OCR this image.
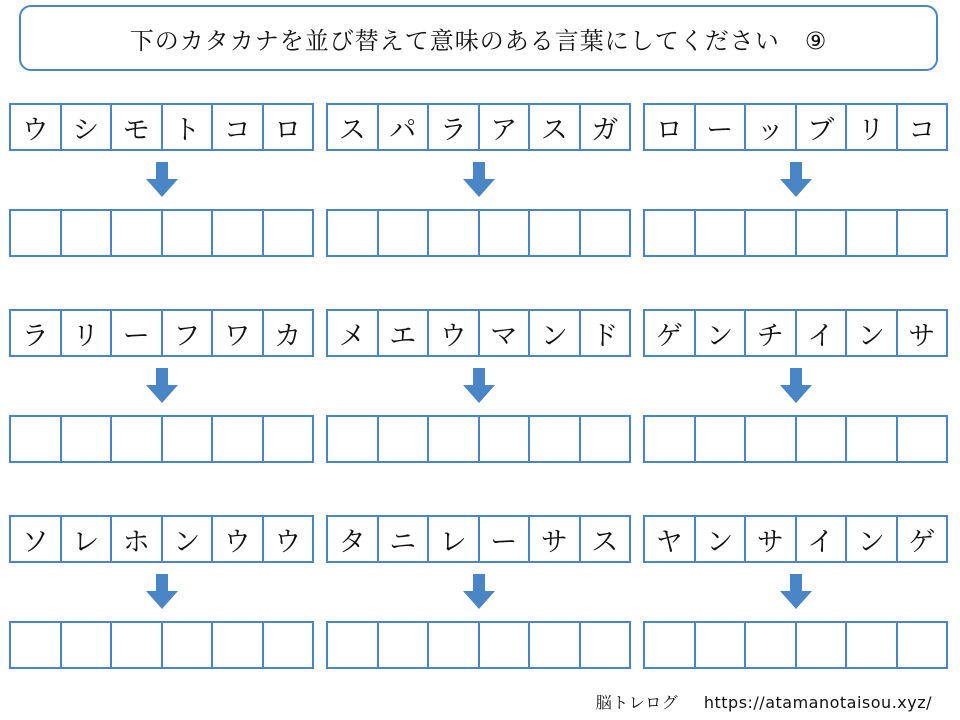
下のカタカナを並び替えて意味のある言葉にしてください　⑨
ウ シ モ ト コ ロ	ス パ ラ ア ス ガ	ロ ー ッ ブ リ コ
ラ リ ー フ ワ カ	メ エ ウ マ ン ド	ゲ ン チ イ ン サ
ソ レ ホ ン ウ ウ	タ ニ レ ー サ ス	ヤ ン サ イ ン ゲ
脳トレログ https://atamanotaisou.xyz/
